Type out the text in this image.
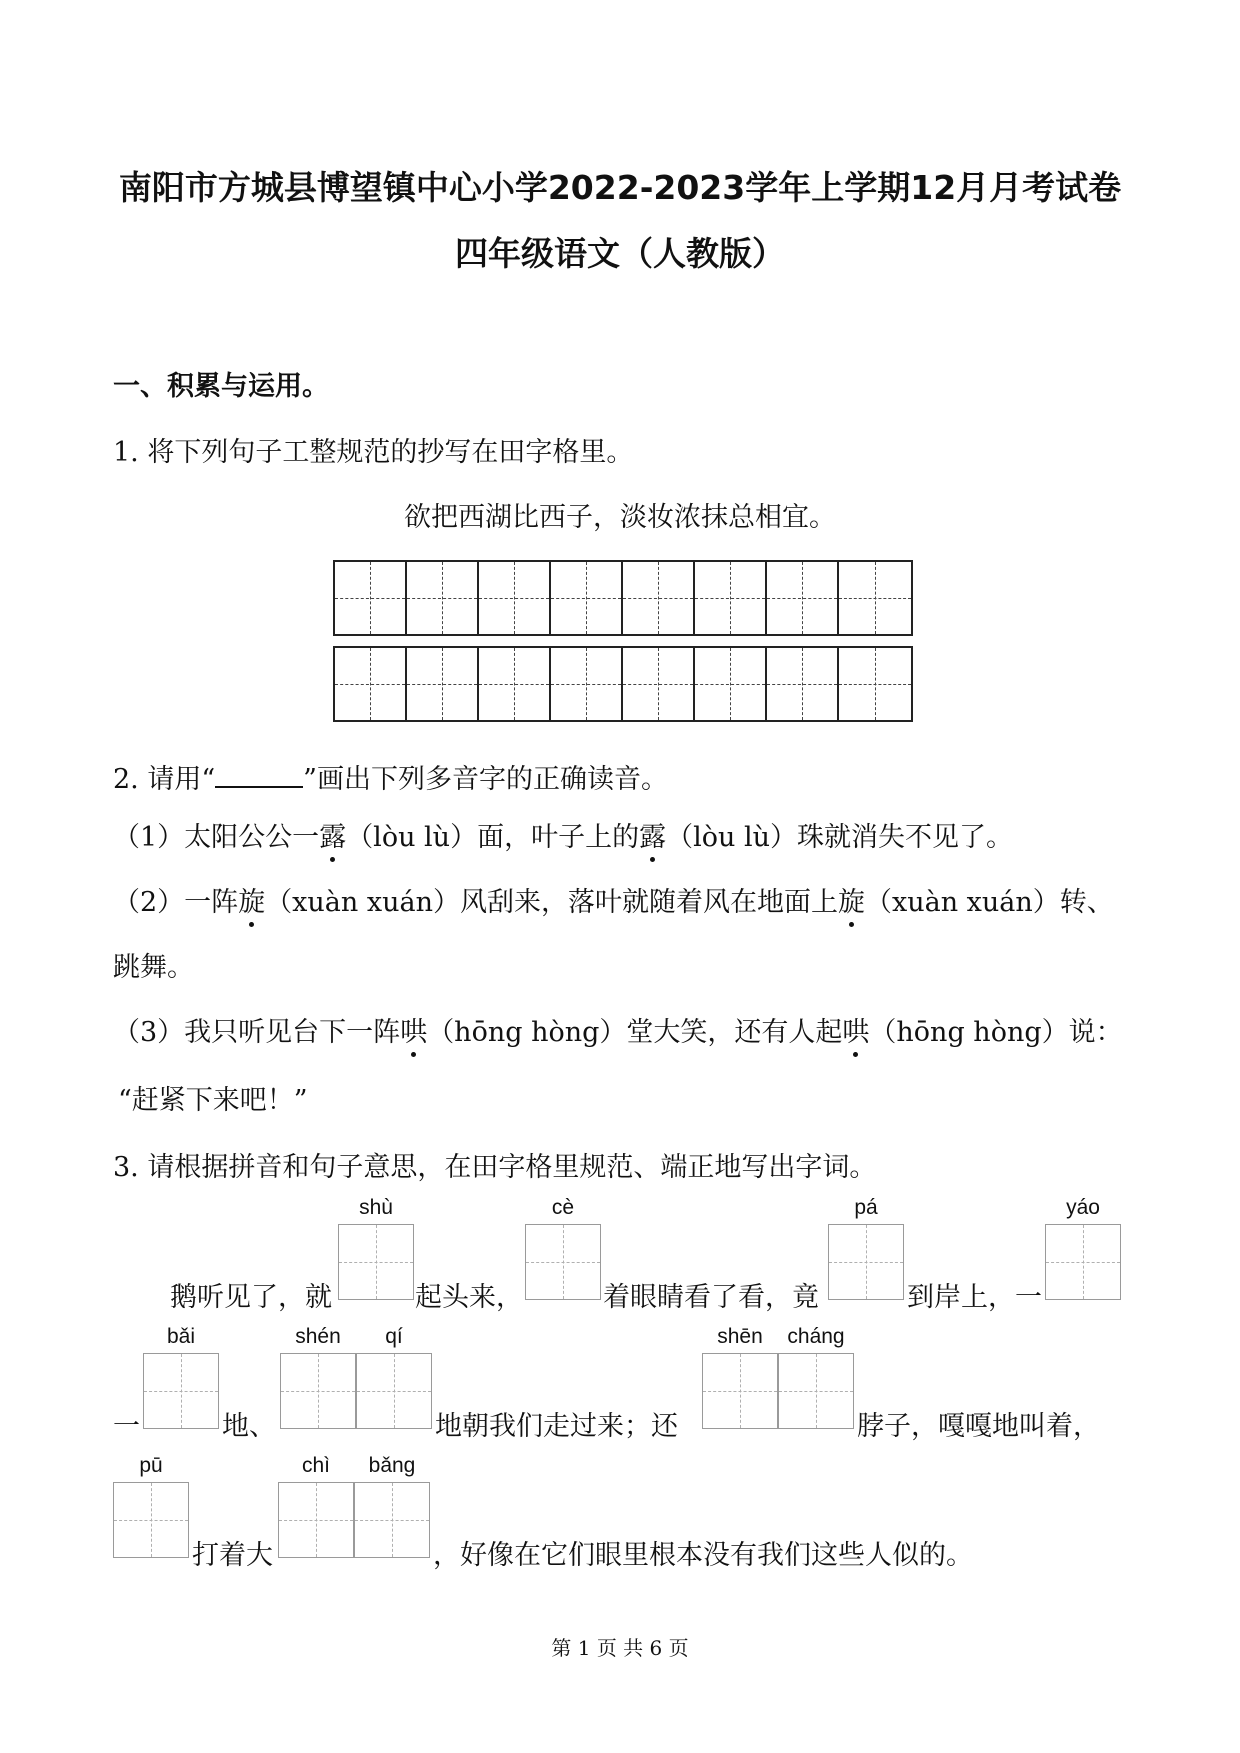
南阳市方城县博望镇中心小学2022-2023学年上学期12月月考试卷
四年级语文（人教版）
一、积累与运用。
1. 将下列句子工整规范的抄写在田字格里。
欲把西湖比西子，淡妆浓抹总相宜。
2. 请用“	”画出下列多音字的正确读音。
（1）太阳公公一露（lòu lù）面，叶子上的露（lòu lù）珠就消失不见了。
（2）一阵旋（xuàn xuán）风刮来，落叶就随着风在地面上旋（xuàn xuán）转、
跳舞。
（3）我只听见台下一阵哄（hōng hòng）堂大笑，还有人起哄（hōng hòng）说：
“赶紧下来吧！”
3. 请根据拼音和句子意思，在田字格里规范、端正地写出字词。
shù	cè	pá	yáo
鹅听见了，就	起头来，	着眼睛看了看，竟	到岸上，一
bǎi	shén	qí	shēn	cháng
一	地、	地朝我们走过来；还	脖子，嘎嘎地叫着，
pū	chì	bǎng
打着大	，好像在它们眼里根本没有我们这些人似的。
第 1 页 共 6 页
